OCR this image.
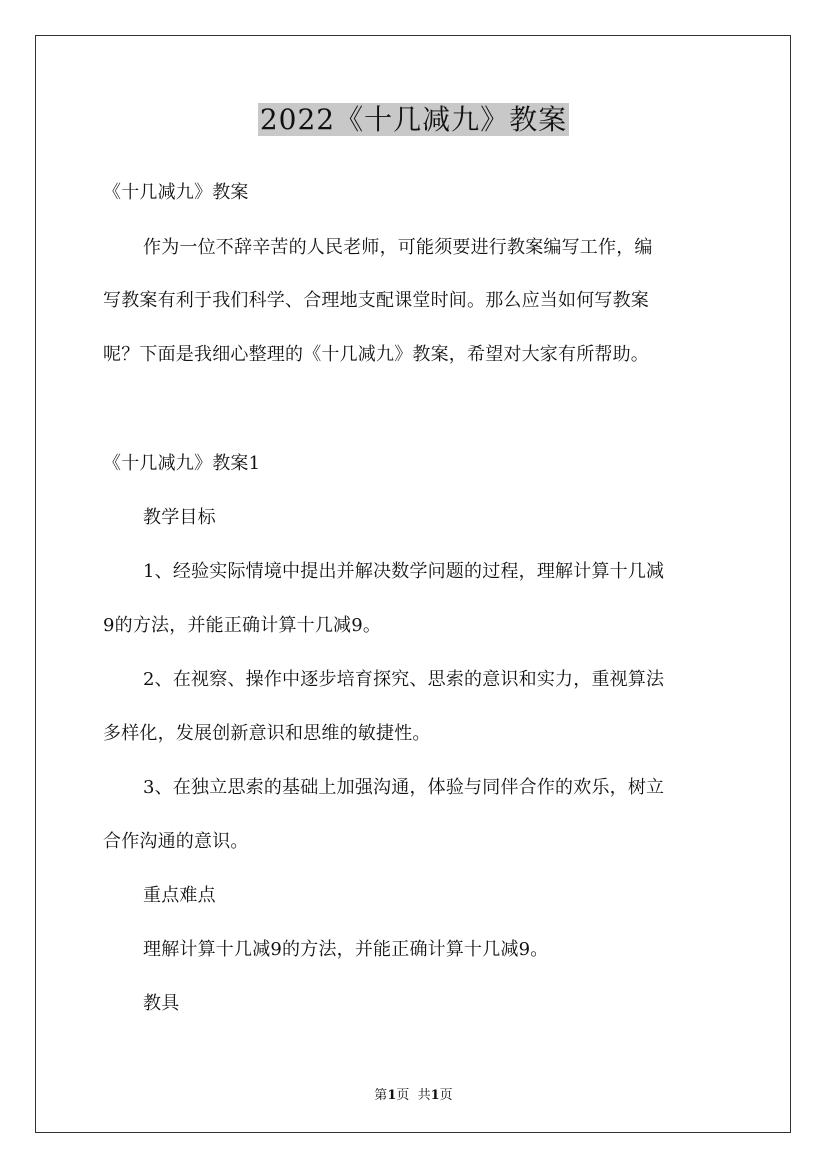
2022《十几减九》教案
《十几减九》教案
作为一位不辞辛苦的人民老师，可能须要进行教案编写工作，编
写教案有利于我们科学、合理地支配课堂时间。那么应当如何写教案
呢？下面是我细心整理的《十几减九》教案，希望对大家有所帮助。
《十几减九》教案1
教学目标
1、经验实际情境中提出并解决数学问题的过程，理解计算十几减
9的方法，并能正确计算十几减9。
2、在视察、操作中逐步培育探究、思索的意识和实力，重视算法
多样化，发展创新意识和思维的敏捷性。
3、在独立思索的基础上加强沟通，体验与同伴合作的欢乐，树立
合作沟通的意识。
重点难点
理解计算十几减9的方法，并能正确计算十几减9。
教具
第1页  共1页
